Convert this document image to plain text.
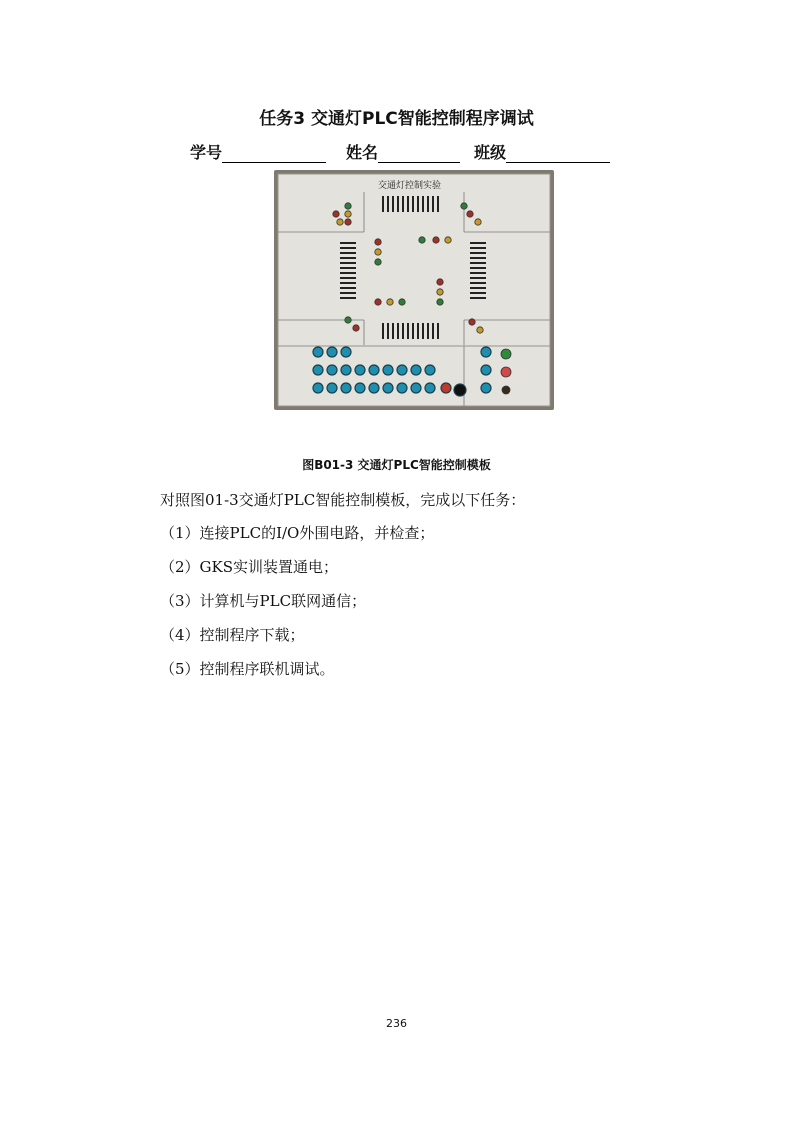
任务3 交通灯PLC智能控制程序调试
学号	姓名	班级
交通灯控制实验
图B01-3 交通灯PLC智能控制模板
对照图01-3交通灯PLC智能控制模板，完成以下任务：
（1）连接PLC的I/O外围电路，并检查；
（2）GKS实训装置通电；
（3）计算机与PLC联网通信；
（4）控制程序下载；
（5）控制程序联机调试。
236
